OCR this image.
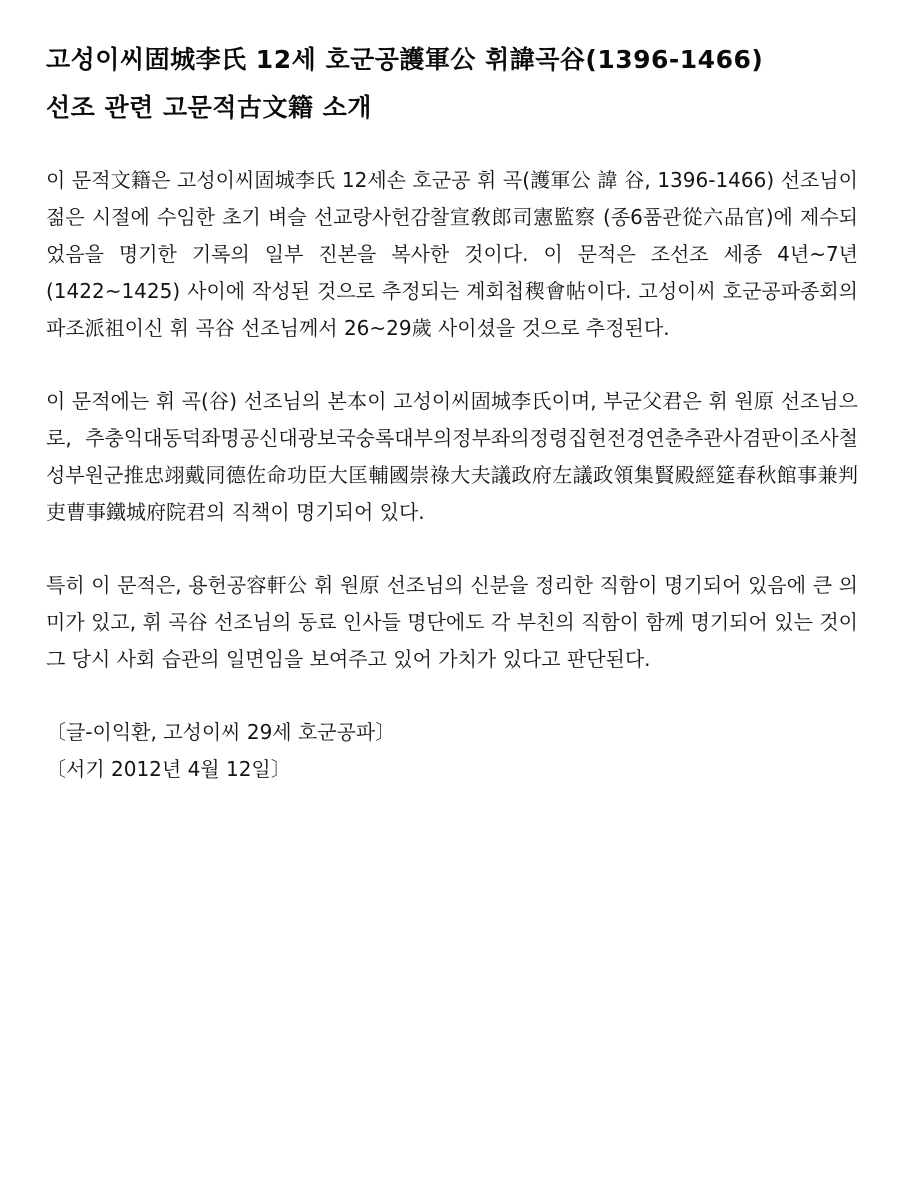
고성이씨固城李氏 12세 호군공護軍公 휘諱곡谷(1396-1466)
선조 관련 고문적古文籍 소개

이 문적文籍은 고성이씨固城李氏 12세손 호군공 휘 곡(護軍公 諱 谷, 1396-1466) 선조님이 젊은 시절에 수임한 초기 벼슬 선교랑사헌감찰宣敎郎司憲監察 (종6품관從六品官)에 제수되었음을 명기한 기록의 일부 진본을 복사한 것이다. 이 문적은 조선조 세종 4년~7년(1422~1425) 사이에 작성된 것으로 추정되는 계회첩稧會帖이다. 고성이씨 호군공파종회의 파조派祖이신 휘 곡谷 선조님께서 26~29歲 사이셨을 것으로 추정된다.

이 문적에는 휘 곡(谷) 선조님의 본本이 고성이씨固城李氏이며, 부군父君은 휘 원原 선조님으로, 추충익대동덕좌명공신대광보국숭록대부의정부좌의정령집현전경연춘추관사겸판이조사철성부원군推忠翊戴同德佐命功臣大匡輔國崇祿大夫議政府左議政領集賢殿經筵春秋館事兼判吏曹事鐵城府院君의 직책이 명기되어 있다.

특히 이 문적은, 용헌공容軒公 휘 원原 선조님의 신분을 정리한 직함이 명기되어 있음에 큰 의미가 있고, 휘 곡谷 선조님의 동료 인사들 명단에도 각 부친의 직함이 함께 명기되어 있는 것이 그 당시 사회 습관의 일면임을 보여주고 있어 가치가 있다고 판단된다.

〔글-이익환, 고성이씨 29세 호군공파〕

〔서기 2012년 4월 12일〕
